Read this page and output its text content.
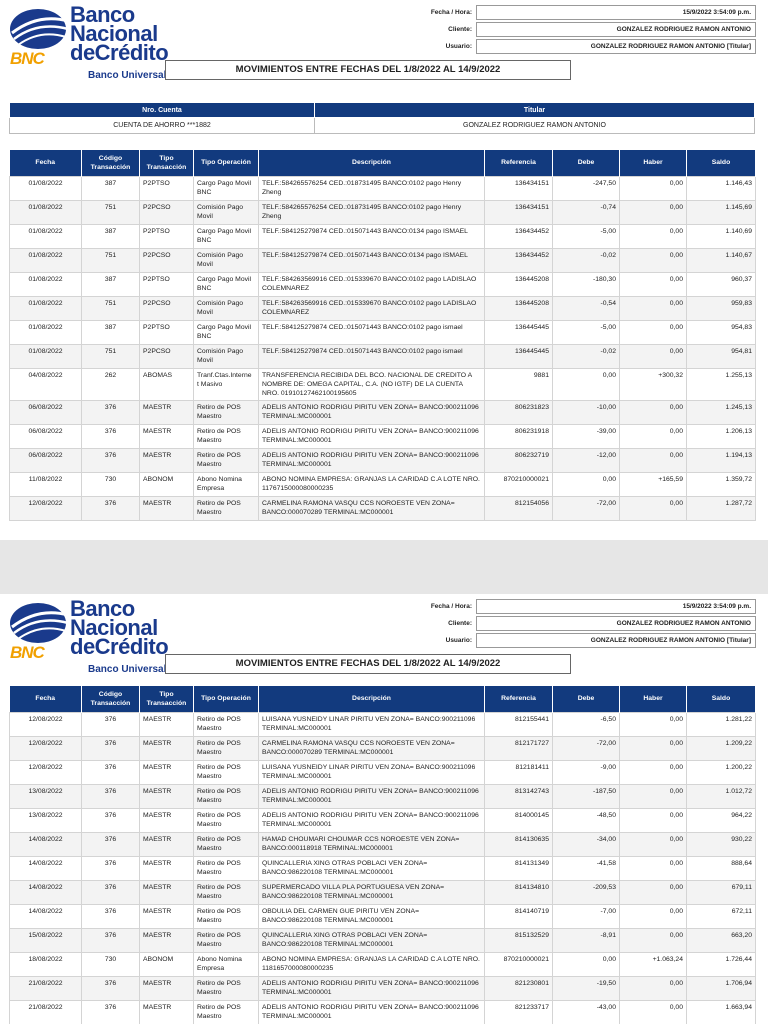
Banco
Nacional
deCrédito
BNC
Banco Universal
Fecha / Hora:	15/9/2022 3:54:09 p.m.
Cliente:	GONZALEZ RODRIGUEZ RAMON ANTONIO
Usuario:	GONZALEZ RODRIGUEZ RAMON ANTONIO [Titular]
MOVIMIENTOS ENTRE FECHAS DEL 1/8/2022 AL 14/9/2022
Nro. Cuenta	Titular
CUENTA DE AHORRO ***1882	GONZALEZ RODRIGUEZ RAMON ANTONIO
Fecha	Código Transacción	Tipo Transacción	Tipo Operación	Descripción	Referencia	Debe	Haber	Saldo
01/08/2022	387	P2PTSO	Cargo Pago Movil BNC	TELF.:584265576254 CED.:018731495 BANCO:0102 pago Henry Zheng	136434151	-247,50	0,00	1.146,43
01/08/2022	751	P2PCSO	Comisión Pago Movil	TELF.:584265576254 CED.:018731495 BANCO:0102 pago Henry Zheng	136434151	-0,74	0,00	1.145,69
01/08/2022	387	P2PTSO	Cargo Pago Movil BNC	TELF.:584125279874 CED.:015071443 BANCO:0134 pago ISMAEL	136434452	-5,00	0,00	1.140,69
01/08/2022	751	P2PCSO	Comisión Pago Movil	TELF.:584125279874 CED.:015071443 BANCO:0134 pago ISMAEL	136434452	-0,02	0,00	1.140,67
01/08/2022	387	P2PTSO	Cargo Pago Movil BNC	TELF.:584263569916 CED.:015339670 BANCO:0102 pago LADISLAO COLEMNAREZ	136445208	-180,30	0,00	960,37
01/08/2022	751	P2PCSO	Comisión Pago Movil	TELF.:584263569916 CED.:015339670 BANCO:0102 pago LADISLAO COLEMNAREZ	136445208	-0,54	0,00	959,83
01/08/2022	387	P2PTSO	Cargo Pago Movil BNC	TELF.:584125279874 CED.:015071443 BANCO:0102 pago ismael	136445445	-5,00	0,00	954,83
01/08/2022	751	P2PCSO	Comisión Pago Movil	TELF.:584125279874 CED.:015071443 BANCO:0102 pago ismael	136445445	-0,02	0,00	954,81
04/08/2022	262	ABOMAS	Tranf.Ctas.Interne t Masivo	TRANSFERENCIA RECIBIDA DEL BCO. NACIONAL DE CREDITO A NOMBRE DE: OMEGA CAPITAL, C.A. (NO IGTF) DE LA CUENTA NRO. 01910127462100195605	9881	0,00	+300,32	1.255,13
06/08/2022	376	MAESTR	Retiro de POS Maestro	ADELIS ANTONIO RODRIGU PIRITU VEN ZONA= BANCO:900211096 TERMINAL:MC000001	806231823	-10,00	0,00	1.245,13
06/08/2022	376	MAESTR	Retiro de POS Maestro	ADELIS ANTONIO RODRIGU PIRITU VEN ZONA= BANCO:900211096 TERMINAL:MC000001	806231918	-39,00	0,00	1.206,13
06/08/2022	376	MAESTR	Retiro de POS Maestro	ADELIS ANTONIO RODRIGU PIRITU VEN ZONA= BANCO:900211096 TERMINAL:MC000001	806232719	-12,00	0,00	1.194,13
11/08/2022	730	ABONOM	Abono Nomina Empresa	ABONO NOMINA EMPRESA: GRANJAS LA CARIDAD C.A LOTE NRO. 1176715000080000235	870210000021	0,00	+165,59	1.359,72
12/08/2022	376	MAESTR	Retiro de POS Maestro	CARMELINA RAMONA VASQU CCS NOROESTE VEN ZONA= BANCO:000070289 TERMINAL:MC000001	812154056	-72,00	0,00	1.287,72

Banco
Nacional
deCrédito
BNC
Banco Universal
Fecha / Hora:	15/9/2022 3:54:09 p.m.
Cliente:	GONZALEZ RODRIGUEZ RAMON ANTONIO
Usuario:	GONZALEZ RODRIGUEZ RAMON ANTONIO [Titular]
MOVIMIENTOS ENTRE FECHAS DEL 1/8/2022 AL 14/9/2022
Fecha	Código Transacción	Tipo Transacción	Tipo Operación	Descripción	Referencia	Debe	Haber	Saldo
12/08/2022	376	MAESTR	Retiro de POS Maestro	LUISANA YUSNEIDY LINAR PIRITU VEN ZONA= BANCO:900211096 TERMINAL:MC000001	812155441	-6,50	0,00	1.281,22
12/08/2022	376	MAESTR	Retiro de POS Maestro	CARMELINA RAMONA VASQU CCS NOROESTE VEN ZONA= BANCO:000070289 TERMINAL:MC000001	812171727	-72,00	0,00	1.209,22
12/08/2022	376	MAESTR	Retiro de POS Maestro	LUISANA YUSNEIDY LINAR PIRITU VEN ZONA= BANCO:900211096 TERMINAL:MC000001	812181411	-9,00	0,00	1.200,22
13/08/2022	376	MAESTR	Retiro de POS Maestro	ADELIS ANTONIO RODRIGU PIRITU VEN ZONA= BANCO:900211096 TERMINAL:MC000001	813142743	-187,50	0,00	1.012,72
13/08/2022	376	MAESTR	Retiro de POS Maestro	ADELIS ANTONIO RODRIGU PIRITU VEN ZONA= BANCO:900211096 TERMINAL:MC000001	814000145	-48,50	0,00	964,22
14/08/2022	376	MAESTR	Retiro de POS Maestro	HAMAD CHOUMARI CHOUMAR CCS NOROESTE VEN ZONA= BANCO:000118918 TERMINAL:MC000001	814130635	-34,00	0,00	930,22
14/08/2022	376	MAESTR	Retiro de POS Maestro	QUINCALLERIA XING OTRAS POBLACI VEN ZONA= BANCO:986220108 TERMINAL:MC000001	814131349	-41,58	0,00	888,64
14/08/2022	376	MAESTR	Retiro de POS Maestro	SUPERMERCADO VILLA PLA PORTUGUESA VEN ZONA= BANCO:986220108 TERMINAL:MC000001	814134810	-209,53	0,00	679,11
14/08/2022	376	MAESTR	Retiro de POS Maestro	OBDULIA DEL CARMEN GUE PIRITU VEN ZONA= BANCO:986220108 TERMINAL:MC000001	814140719	-7,00	0,00	672,11
15/08/2022	376	MAESTR	Retiro de POS Maestro	QUINCALLERIA XING OTRAS POBLACI VEN ZONA= BANCO:986220108 TERMINAL:MC000001	815132529	-8,91	0,00	663,20
18/08/2022	730	ABONOM	Abono Nomina Empresa	ABONO NOMINA EMPRESA: GRANJAS LA CARIDAD C.A LOTE NRO. 1181657000080000235	870210000021	0,00	+1.063,24	1.726,44
21/08/2022	376	MAESTR	Retiro de POS Maestro	ADELIS ANTONIO RODRIGU PIRITU VEN ZONA= BANCO:900211096 TERMINAL:MC000001	821230801	-19,50	0,00	1.706,94
21/08/2022	376	MAESTR	Retiro de POS Maestro	ADELIS ANTONIO RODRIGU PIRITU VEN ZONA= BANCO:900211096 TERMINAL:MC000001	821233717	-43,00	0,00	1.663,94
